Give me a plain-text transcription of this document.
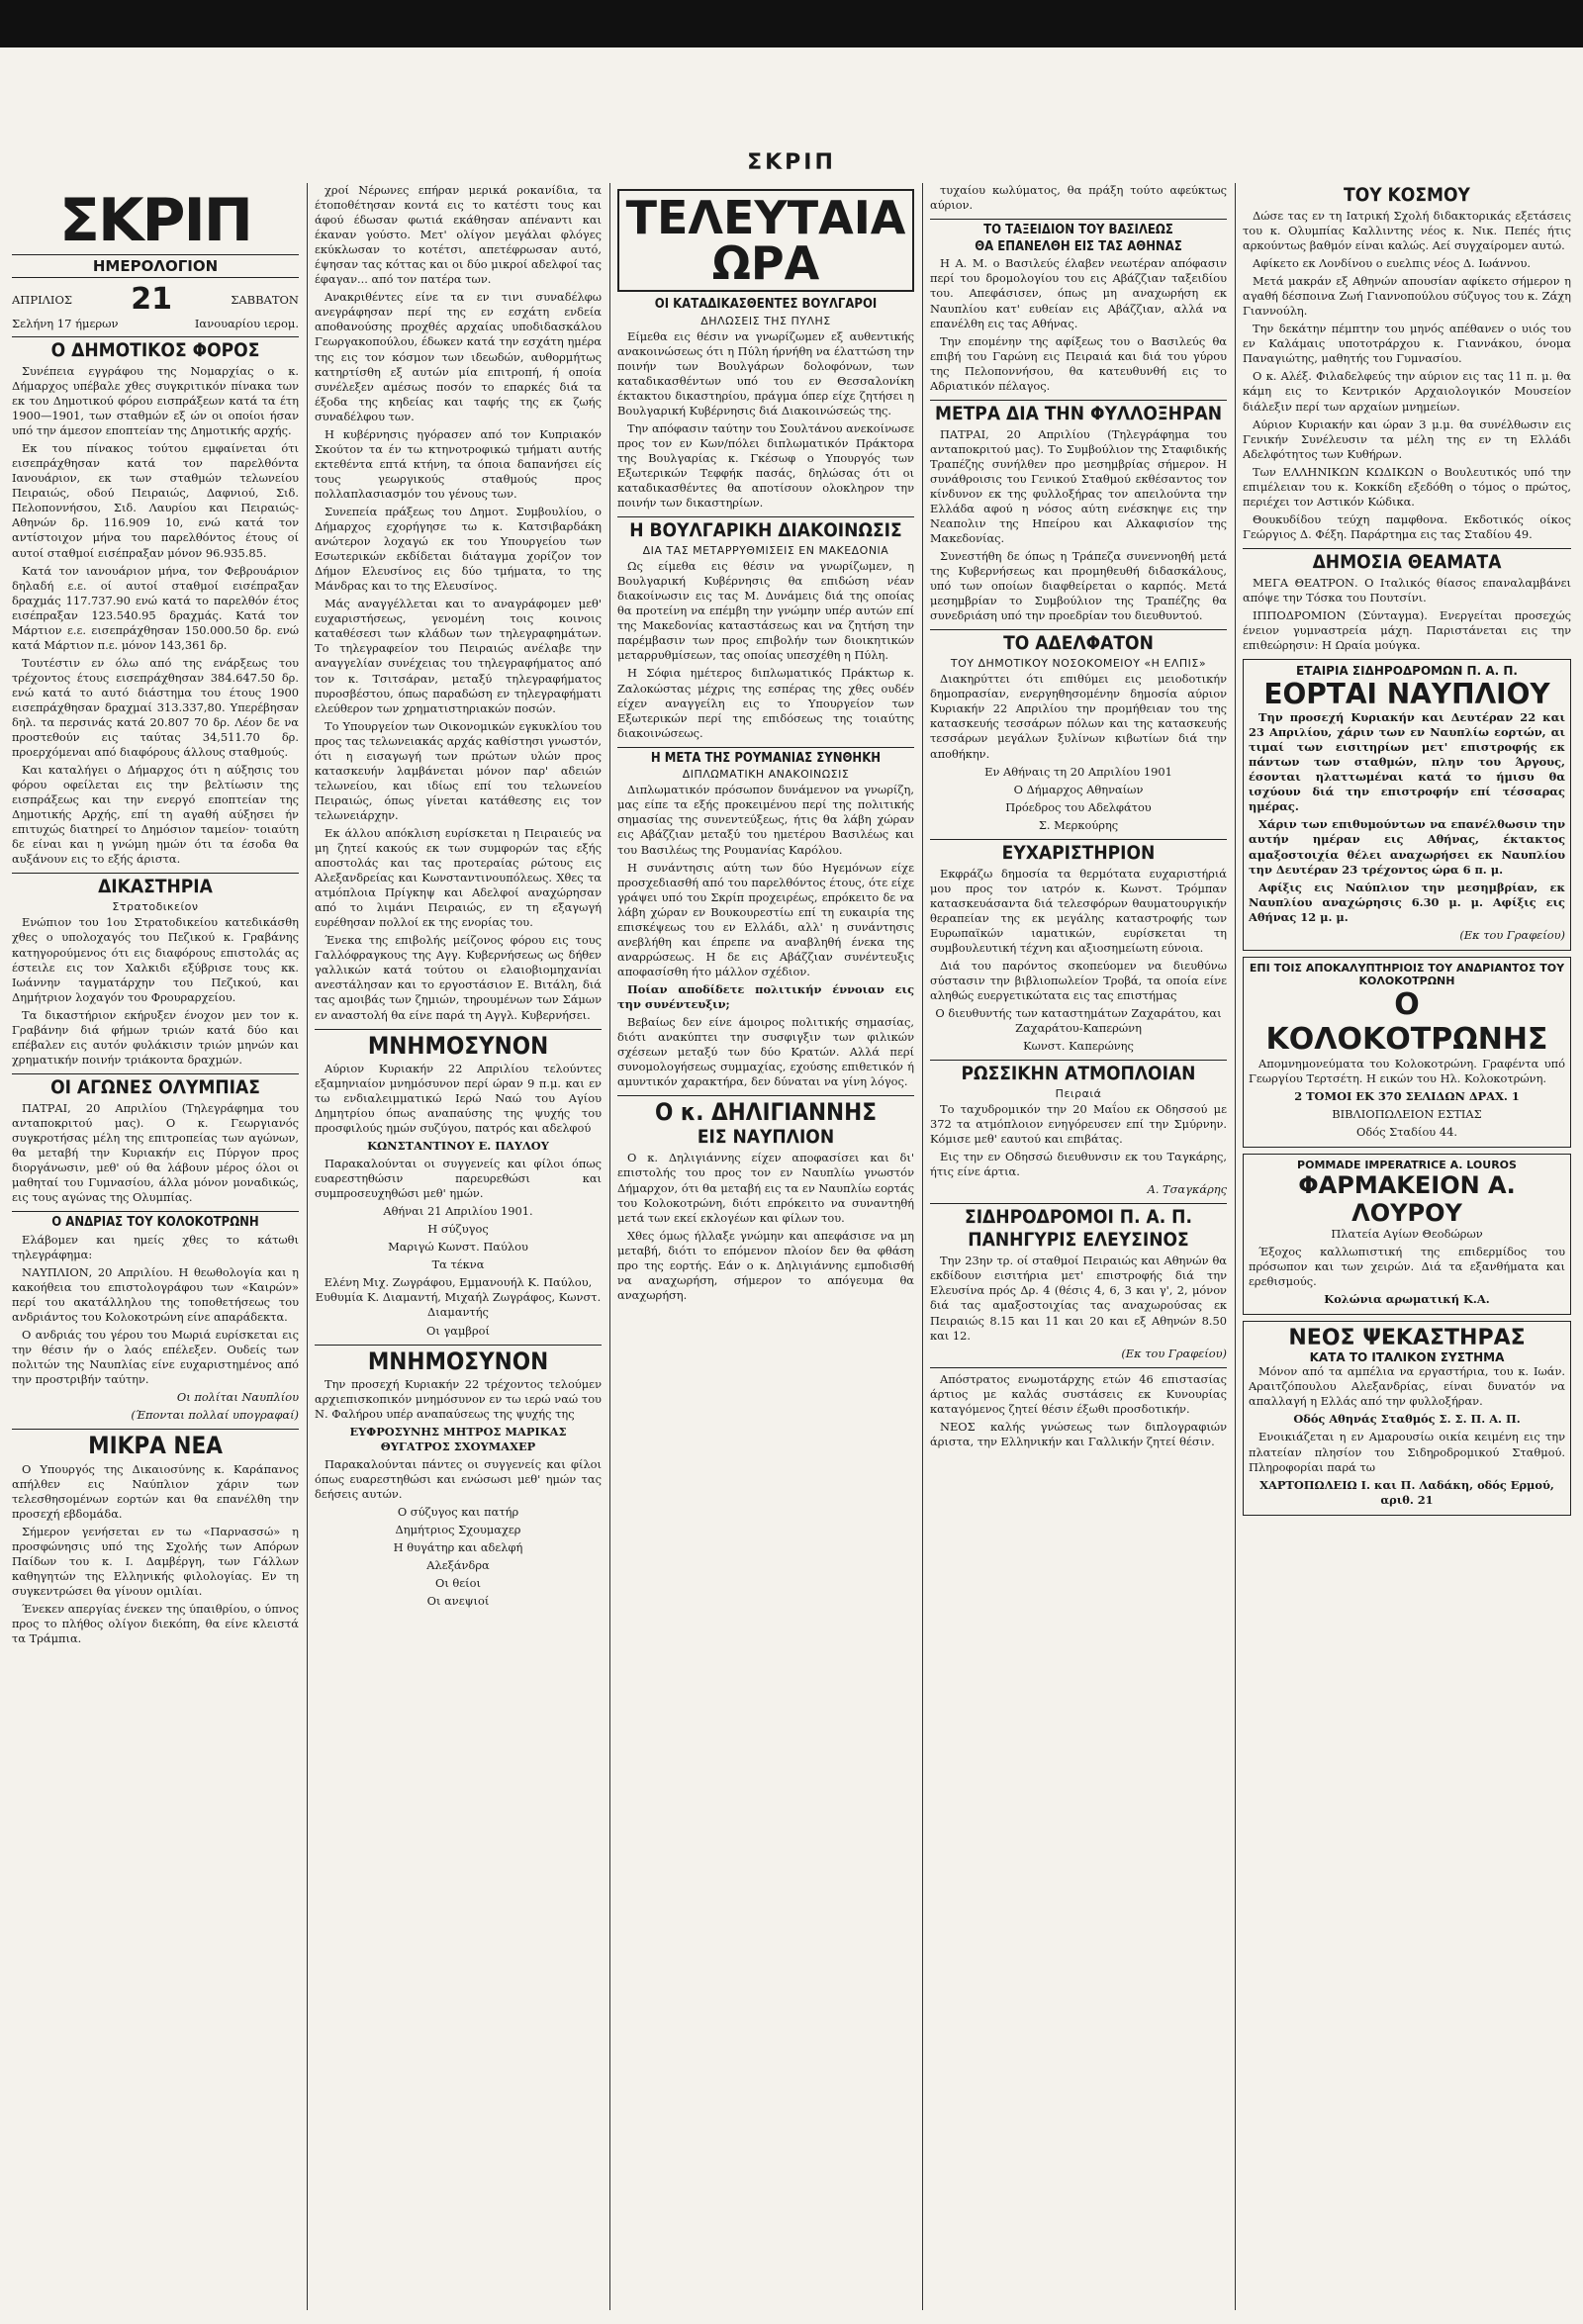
ΣΚΡΙΠ
ΣΚΡΙΠ
ΗΜΕΡΟΛΟΓΙΟΝ
ΑΠΡΙΛΙΟΣ 21	ΣΑΒΒΑΤΟΝ
Σελήνη 17 ήμερων	Ιανουαρίου ιερομ.
Ο ΔΗΜΟΤΙΚΟΣ ΦΟΡΟΣ

Συνέπεια εγγράφου της Νομαρχίας ο κ. Δήμαρχος υπέβαλε χθες συγκριτικόν πίνακα των εκ του Δημοτικού φόρου εισπράξεων κατά τα έτη 1900—1901, των σταθμών εξ ών οι οποίοι ήσαν υπό την άμεσον εποπτείαν της Δημοτικής αρχής.

Εκ του πίνακος τούτου εμφαίνεται ότι εισεπράχθησαν κατά τον παρελθόντα Ιανουάριον, εκ των σταθμών τελωνείου Πειραιώς, οδού Πειραιώς, Δαφνιού, Σιδ. Πελοποννήσου, Σιδ. Λαυρίου και Πειραιώς-Αθηνών δρ. 116.909 10, ενώ κατά τον αντίστοιχον μήνα του παρελθόντος έτους οί αυτοί σταθμοί εισέπραξαν μόνον 96.935.85.

Κατά τον ιανουάριον μήνα, τον Φεβρουάριον δηλαδή ε.ε. οί αυτοί σταθμοί εισέπραξαν δραχμάς 117.737.90 ενώ κατά το παρελθόν έτος εισέπραξαν 123.540.95 δραχμάς. Κατά τον Μάρτιον ε.ε. εισεπράχθησαν 150.000.50 δρ. ενώ κατά Μάρτιον π.ε. μόνον 143,361 δρ.

Τουτέστιν εν όλω από της ενάρξεως του τρέχοντος έτους εισεπράχθησαν 384.647.50 δρ. ενώ κατά το αυτό διάστημα του έτους 1900 εισεπράχθησαν δραχμαί 313.337,80. Υπερέβησαν δηλ. τα περσινάς κατά 20.807 70 δρ. Λέον δε να προστεθούν εις ταύτας 34,511.70 δρ. προερχόμεναι από διαφόρους άλλους σταθμούς.

Και καταλήγει ο Δήμαρχος ότι η αύξησις του φόρου οφείλεται εις την βελτίωσιν της εισπράξεως και την ενεργό εποπτείαν της Δημοτικής Αρχής, επί τη αγαθή αύξησει ήν επιτυχώς διατηρεί το Δημόσιον ταμείον· τοιαύτη δε είναι και η γνώμη ημών ότι τα έσοδα θα αυξάνουν εις το εξής άριστα.

ΔΙΚΑΣΤΗΡΙΑ
Στρατοδικείον

Ενώπιον του 1ου Στρατοδικείου κατεδικάσθη χθες ο υπολοχαγός του Πεζικού κ. Γραβάνης κατηγορούμενος ότι εις διαφόρους επιστολάς ας έστειλε εις τον Χαλκιδι εξύβρισε τους κκ. Ιωάννην ταγματάρχην του Πεζικού, και Δημήτριον λοχαγόν του Φρουραρχείου.

Τα δικαστήριον εκήρυξεν ένοχον μεν τον κ. Γραβάνην διά φήμων τριών κατά δύο και επέβαλεν εις αυτόν φυλάκισιν τριών μηνών και χρηματικήν ποινήν τριάκοντα δραχμών.

ΟΙ ΑΓΩΝΕΣ ΟΛΥΜΠΙΑΣ

ΠΑΤΡΑΙ, 20 Απριλίου (Τηλεγράφημα του ανταποκριτού μας). Ο κ. Γεωργιανός συγκροτήσας μέλη της επιτροπείας των αγώνων, θα μεταβή την Κυριακήν εις Πύργον προς διοργάνωσιν, μεθ' ού θα λάβουν μέρος όλοι οι μαθηταί του Γυμνασίου, άλλα μόνον μοναδικώς, εις τους αγώνας της Ολυμπίας.

Ο ΑΝΔΡΙΑΣ ΤΟΥ ΚΟΛΟΚΟΤΡΩΝΗ

Ελάβομεν και ημείς χθες το κάτωθι τηλεγράφημα:

ΝΑΥΠΛΙΟΝ, 20 Απριλίου. Η θεωθολογία και η κακοήθεια του επιστολογράφου των «Καιρών» περί του ακατάλληλου της τοποθετήσεως του ανδριάντος του Κολοκοτρώνη είνε απαράδεκτα.

Ο ανδριάς του γέρου του Μωριά ευρίσκεται εις την θέσιν ήν ο λαός επέλεξεν. Ουδείς των πολιτών της Ναυπλίας είνε ευχαριστημένος από την προστριβήν ταύτην.

Οι πολίται Ναυπλίου

(Έπονται πολλαί υπογραφαί)

ΜΙΚΡΑ ΝΕΑ

Ο Υπουργός της Δικαιοσύνης κ. Καράπανος απήλθεν εις Ναύπλιον χάριν των τελεσθησομένων εορτών και θα επανέλθη την προσεχή εβδομάδα.

Σήμερον γενήσεται εν τω «Παρνασσώ» η προσφώνησις υπό της Σχολής των Απόρων Παίδων του κ. Ι. Δαμβέργη, των Γάλλων καθηγητών της Ελληνικής φιλολογίας. Εν τη συγκεντρώσει θα γίνουν ομιλίαι.

Ένεκεν απεργίας ένεκεν της ύπαιθρίου, ο ύπνος προς το πλήθος ολίγον διεκόπη, θα είνε κλειστά τα Τράμπια.

χροί Νέρωνες επήραν μερικά ροκανίδια, τα έτοποθέτησαν κοντά εις το κατέστι τους και άφού έδωσαν φωτιά εκάθησαν απέναντι και έκαναν γούστο. Μετ' ολίγον μεγάλαι φλόγες εκύκλωσαν το κοτέτσι, απετέφρωσαν αυτό, έψησαν τας κόττας και οι δύο μικροί αδελφοί τας έφαγαν... από τον πατέρα των.

Ανακριθέντες είνε τα εν τινι συναδέλφω ανεγράφησαν περί της εν εσχάτη ενδεία αποθανούσης προχθές αρχαίας υποδιδασκάλου Γεωργακοπούλου, έδωκεν κατά την εσχάτη ημέρα της εις τον κόσμον των ιδεωδών, αυθορμήτως κατηρτίσθη εξ αυτών μία επιτροπή, ή οποία συνέλεξεν αμέσως ποσόν το επαρκές διά τα έξοδα της κηδείας και ταφής της εκ ζωής συναδέλφου των.

Η κυβέρνησις ηγόρασεν από τον Κυπριακόν Σκούτον τα έν τω κτηνοτροφικώ τμήματι αυτής εκτεθέντα επτά κτήνη, τα όποια δαπανήσει είς τους γεωργικούς σταθμούς προς πολλαπλασιασμόν του γένους των.

Συνεπεία πράξεως του Δημοτ. Συμβουλίου, ο Δήμαρχος εχορήγησε τω κ. Κατσιβαρδάκη ανώτερον λοχαγώ εκ του Υπουργείου των Εσωτερικών εκδίδεται διάταγμα χορίζον τον Δήμον Ελευσίνος εις δύο τμήματα, το της Μάνδρας και το της Ελευσίνος.

Μάς αναγγέλλεται και το αναγράφομεν μεθ' ευχαριστήσεως, γενομένη τοις κοινοις καταθέσεσι των κλάδων των τηλεγραφημάτων. Το τηλεγραφείον του Πειραιώς ανέλαβε την αναγγελίαν συνέχειας του τηλεγραφήματος από τον κ. Τσιτσάραν, μεταξύ τηλεγραφήματος πυροσβέστου, όπως παραδώση εν τηλεγραφήματι ελεύθερον των χρηματιστηριακών ποσών.

Το Υπουργείον των Οικονομικών εγκυκλίου του προς τας τελωνειακάς αρχάς καθίστησι γνωστόν, ότι η εισαγωγή των πρώτων υλών προς κατασκευήν λαμβάνεται μόνον παρ' αδειών τελωνείου, και ιδίως επί του τελωνείου Πειραιώς, όπως γίνεται κατάθεσης εις τον τελωνειάρχην.

Εκ άλλου απόκλιση ευρίσκεται η Πειραιεύς να μη ζητεί κακούς εκ των συμφορών τας εξής αποστολάς και τας προτεραίας ρώτους εις Αλεξανδρείας και Κωνσταντινουπόλεως. Χθες τα ατμόπλοια Πρίγκηψ και Αδελφοί αναχώρησαν από το λιμάνι Πειραιώς, εν τη εξαγωγή ευρέθησαν πολλοί εκ της ενορίας του.

Ένεκα της επιβολής μείζονος φόρου εις τους Γαλλόφραγκους της Αγγ. Κυβερνήσεως ως δήθεν γαλλικών κατά τούτου οι ελαιοβιομηχανίαι ανεστάλησαν και το εργοστάσιον Ε. Βιτάλη, διά τας αμοιβάς των ζημιών, τηρουμένων των Σάμων εν αναστολή θα είνε παρά τη Αγγλ. Κυβερνήσει.

ΜΝΗΜΟΣΥΝΟΝ

Αύριον Κυριακήν 22 Απριλίου τελούντες εξαμηνιαίον μνημόσυνον περί ώραν 9 π.μ. και εν τω ενδιαλειμματικώ Ιερώ Ναώ του Αγίου Δημητρίου όπως αναπαύσης της ψυχής του προσφιλούς ημών συζύγου, πατρός και αδελφού

ΚΩΝΣΤΑΝΤΙΝΟΥ Ε. ΠΑΥΛΟΥ

Παρακαλούνται οι συγγενείς και φίλοι όπως ευαρεστηθώσιν παρευρεθώσι και συμπροσευχηθώσι μεθ' ημών.

Αθήναι 21 Απριλίου 1901.

Η σύζυγος

Μαριγώ Κωνστ. Παύλου

Τα τέκνα

Ελένη Μιχ. Ζωγράφου, Εμμανουήλ Κ. Παύλου, Ευθυμία Κ. Διαμαντή, Μιχαήλ Ζωγράφος, Κωνστ. Διαμαντής

Οι γαμβροί

ΜΝΗΜΟΣΥΝΟΝ

Την προσεχή Κυριακήν 22 τρέχοντος τελούμεν αρχιεπισκοπικόν μνημόσυνον εν τω ιερώ ναώ του Ν. Φαλήρου υπέρ αναπαύσεως της ψυχής της

ΕΥΦΡΟΣΥΝΗΣ ΜΗΤΡΟΣ ΜΑΡΙΚΑΣ ΘΥΓΑΤΡΟΣ ΣΧΟΥΜΑΧΕΡ

Παρακαλούνται πάντες οι συγγενείς και φίλοι όπως ευαρεστηθώσι και ενώσωσι μεθ' ημών τας δεήσεις αυτών.

Ο σύζυγος και πατήρ

Δημήτριος Σχουμαχερ

Η θυγάτηρ και αδελφή

Αλεξάνδρα

Οι θείοι

Οι ανεψιοί

ΤΕΛΕΥΤΑΙΑ ΩΡΑ
ΟΙ ΚΑΤΑΔΙΚΑΣΘΕΝΤΕΣ ΒΟΥΛΓΑΡΟΙ
ΔΗΛΩΣΕΙΣ ΤΗΣ ΠΥΛΗΣ

Είμεθα εις θέσιν να γνωρίζωμεν εξ αυθεντικής ανακοινώσεως ότι η Πύλη ήρνήθη να έλαττώση την ποινήν των Βουλγάρων δολοφόνων, των καταδικασθέντων υπό του εν Θεσσαλονίκη έκτακτου δικαστηρίου, πράγμα όπερ είχε ζητήσει η Βουλγαρική Κυβέρνησις διά Διακοινώσεώς της.

Την απόφασιν ταύτην του Σουλτάνου ανεκοίνωσε προς τον εν Κων/πόλει διπλωματικόν Πράκτορα της Βουλγαρίας κ. Γκέσωφ ο Υπουργός των Εξωτερικών Τεφφήκ πασάς, δηλώσας ότι οι καταδικασθέντες θα αποτίσουν ολοκληρον την ποινήν των δικαστηρίων.

Η ΒΟΥΛΓΑΡΙΚΗ ΔΙΑΚΟΙΝΩΣΙΣ
ΔΙΑ ΤΑΣ ΜΕΤΑΡΡΥΘΜΙΣΕΙΣ ΕΝ ΜΑΚΕΔΟΝΙΑ

Ως είμεθα εις θέσιν να γνωρίζωμεν, η Βουλγαρική Κυβέρνησις θα επιδώση νέαν διακοίνωσιν εις τας Μ. Δυνάμεις διά της οποίας θα προτείνη να επέμβη την γνώμην υπέρ αυτών επί της Μακεδονίας καταστάσεως και να ζητήση την παρέμβασιν των προς επιβολήν των διοικητικών μεταρρυθμίσεων, τας οποίας υπεσχέθη η Πύλη.

Η Σόφια ημέτερος διπλωματικός Πράκτωρ κ. Ζαλοκώστας μέχρις της εσπέρας της χθες ουδέν είχεν αναγγείλη εις το Υπουργείον των Εξωτερικών περί της επιδόσεως της τοιαύτης διακοινώσεως.

Η ΜΕΤΑ ΤΗΣ ΡΟΥΜΑΝΙΑΣ ΣΥΝΘΗΚΗ
ΔΙΠΛΩΜΑΤΙΚΗ ΑΝΑΚΟΙΝΩΣΙΣ

Διπλωματικόν πρόσωπον δυνάμενον να γνωρίζη, μας είπε τα εξής προκειμένου περί της πολιτικής σημασίας της συνεντεύξεως, ήτις θα λάβη χώραν εις Αβάζζιαν μεταξύ του ημετέρου Βασιλέως και του Βασιλέως της Ρουμανίας Καρόλου.

Η συνάντησις αύτη των δύο Ηγεμόνων είχε προσχεδιασθή από του παρελθόντος έτους, ότε είχε γράψει υπό του Σκρίπ προχειρέως, επρόκειτο δε να λάβη χώραν εν Βουκουρεστίω επί τη ευκαιρία της επισκέψεως του εν Ελλάδι, αλλ' η συνάντησις ανεβλήθη και έπρεπε να αναβληθή ένεκα της αναρρώσεως. Η δε εις Αβάζζιαν συνέντευξις αποφασίσθη ήτο μάλλον σχέδιον.

Ποίαν αποδίδετε πολιτικήν έννοιαν εις την συνέντευξιν;

Βεβαίως δεν είνε άμοιρος πολιτικής σημασίας, διότι ανακύπτει την συσφιγξιν των φιλικών σχέσεων μεταξύ των δύο Κρατών. Αλλά περί συνομολογήσεως συμμαχίας, εχούσης επιθετικόν ή αμυντικόν χαρακτήρα, δεν δύναται να γίνη λόγος.

Ο κ. ΔΗΛΙΓΙΑΝΝΗΣ
ΕΙΣ ΝΑΥΠΛΙΟΝ

Ο κ. Δηλιγιάννης είχεν αποφασίσει και δι' επιστολής του προς τον εν Ναυπλίω γνωστόν Δήμαρχον, ότι θα μεταβή εις τα εν Ναυπλίω εορτάς του Κολοκοτρώνη, διότι επρόκειτο να συναντηθή μετά των εκεί εκλογέων και φίλων του.

Χθες όμως ήλλαξε γνώμην και απεφάσισε να μη μεταβή, διότι το επόμενον πλοίον δεν θα φθάση προ της εορτής. Εάν ο κ. Δηλιγιάννης εμποδισθή να αναχωρήση, σήμερον το απόγευμα θα αναχωρήση.

τυχαίου κωλύματος, θα πράξη τούτο αφεύκτως αύριον.

ΤΟ ΤΑΞΕΙΔΙΟΝ ΤΟΥ ΒΑΣΙΛΕΩΣ
ΘΑ ΕΠΑΝΕΛΘΗ ΕΙΣ ΤΑΣ ΑΘΗΝΑΣ

Η Α. Μ. ο Βασιλεύς έλαβεν νεωτέραν απόφασιν περί του δρομολογίου του εις Αβάζζιαν ταξειδίου του. Απεφάσισεν, όπως μη αναχωρήση εκ Ναυπλίου κατ' ευθείαν εις Αβάζζιαν, αλλά να επανέλθη εις τας Αθήνας.

Την επομένην της αφίξεως του ο Βασιλεύς θα επιβή του Γαρώνη εις Πειραιά και διά του γύρου της Πελοποννήσου, θα κατευθυνθή εις το Αδριατικόν πέλαγος.

ΜΕΤΡΑ ΔΙΑ ΤΗΝ ΦΥΛΛΟΞΗΡΑΝ

ΠΑΤΡΑΙ, 20 Απριλίου (Τηλεγράφημα του ανταποκριτού μας). Το Συμβούλιον της Σταφιδικής Τραπέζης συνήλθεν προ μεσημβρίας σήμερον. Η συνάθροισις του Γενικού Σταθμού εκθέσαντος τον κίνδυνον εκ της φυλλοξήρας τον απειλούντα την Ελλάδα αφού η νόσος αύτη ενέσκηψε εις την Νεαπολιν της Ηπείρου και Αλκαφισίον της Μακεδονίας.

Συνεστήθη δε όπως η Τράπεζα συνεννοηθή μετά της Κυβερνήσεως και προμηθευθή διδασκάλους, υπό των οποίων διαφθείρεται ο καρπός. Μετά μεσημβρίαν το Συμβούλιον της Τραπέζης θα συνεδριάση υπό την προεδρίαν του διευθυντού.

ΤΟ ΑΔΕΛΦΑΤΟΝ
ΤΟΥ ΔΗΜΟΤΙΚΟΥ ΝΟΣΟΚΟΜΕΙΟΥ «Η ΕΛΠΙΣ»

Διακηρύττει ότι επιθύμει εις μειοδοτικήν δημοπρασίαν, ενεργηθησομένην δημοσία αύριον Κυριακήν 22 Απριλίου την προμήθειαν του της κατασκευής τεσσάρων πόλων και της κατασκευής τεσσάρων μεγάλων ξυλίνων κιβωτίων διά την αποθήκην.

Εν Αθήναις τη 20 Απριλίου 1901

Ο Δήμαρχος Αθηναίων

Πρόεδρος του Αδελφάτου

Σ. Μερκούρης

ΕΥΧΑΡΙΣΤΗΡΙΟΝ

Εκφράζω δημοσία τα θερμότατα ευχαριστήριά μου προς τον ιατρόν κ. Κωνστ. Τρόμπαν κατασκευάσαντα διά τελεσφόρων θαυματουργικήν θεραπείαν της εκ μεγάλης καταστροφής των Ευρωπαϊκών ιαματικών, ευρίσκεται τη συμβουλευτική τέχνη και αξιοσημείωτη εύνοια.

Διά του παρόντος σκοπεύομεν να διευθύνω σύστασιν την βιβλιοπωλείον Τροβά, τα οποία είνε αληθώς ευεργετικώτατα εις τας επιστήμας

Ο διευθυντής των καταστημάτων Ζαχαράτου, και Ζαχαράτου-Καπερώνη

Κωνστ. Καπερώνης

ΡΩΣΣΙΚΗΝ ΑΤΜΟΠΛΟΙΑΝ
Πειραιά

Το ταχυδρομικόν την 20 Μαΐου εκ Οδησσού με 372 τα ατμόπλοιον ενηγόρευσεν επί την Σμύρνην. Κόμισε μεθ' εαυτού και επιβάτας.

Εις την εν Οδησσώ διευθυνσιν εκ του Ταγκάρης, ήτις είνε άρτια.

Α. Τσαγκάρης

ΣΙΔΗΡΟΔΡΟΜΟΙ Π. Α. Π.
ΠΑΝΗΓΥΡΙΣ ΕΛΕΥΣΙΝΟΣ

Την 23ην τρ. οί σταθμοί Πειραιώς και Αθηνών θα εκδίδουν εισιτήρια μετ' επιστροφής διά την Ελευσίνα πρός Δρ. 4 (θέσις 4, 6, 3 και γ', 2, μόνον διά τας αμαξοστοιχίας τας αναχωρούσας εκ Πειραιώς 8.15 και 11 και 20 και εξ Αθηνών 8.50 και 12.

(Εκ του Γραφείου)

Απόστρατος ενωμοτάρχης ετών 46 επιστασίας άρτιος με καλάς συστάσεις εκ Κυνουρίας καταγόμενος ζητεί θέσιν έξωθι προσδοτικήν.

ΝΕΟΣ καλής γνώσεως των διπλογραφιών άριστα, την Ελληνικήν και Γαλλικήν ζητεί θέσιν.

ΤΟΥ ΚΟΣΜΟΥ

Δώσε τας εν τη Ιατρική Σχολή διδακτορικάς εξετάσεις του κ. Ολυμπίας Καλλιντης νέος κ. Νικ. Πεπές ήτις αρκούντως βαθμόν είναι καλώς. Αεί συγχαίρομεν αυτώ.

Αφίκετο εκ Λονδίνου ο ευελπις νέος Δ. Ιωάννου.

Μετά μακράν εξ Αθηνών απουσίαν αφίκετο σήμερον η αγαθή δέσποινα Ζωή Γιαννοπούλου σύζυγος του κ. Ζάχη Γιαννούλη.

Την δεκάτην πέμπτην του μηνός απέθανεν ο υιός του εν Καλάμαις υποτοτράρχου κ. Γιαννάκου, όνομα Παναγιώτης, μαθητής του Γυμνασίου.

Ο κ. Αλέξ. Φιλαδελφεύς την αύριον εις τας 11 π. μ. θα κάμη εις το Κεντρικόν Αρχαιολογικόν Μουσείον διάλεξιν περί των αρχαίων μνημείων.

Αύριον Κυριακήν και ώραν 3 μ.μ. θα συνέλθωσιν εις Γενικήν Συνέλευσιν τα μέλη της εν τη Ελλάδι Αδελφότητος των Κυθήρων.

Των ΕΛΛΗΝΙΚΩΝ ΚΩΔΙΚΩΝ ο Βουλευτικός υπό την επιμέλειαν του κ. Κοκκίδη εξεδόθη ο τόμος ο πρώτος, περιέχει τον Αστικόν Κώδικα.

Θουκυδίδου τεύχη παμφθονα. Εκδοτικός οίκος Γεώργιος Δ. Φέξη. Παράρτημα εις τας Σταδίου 49.

ΔΗΜΟΣΙΑ ΘΕΑΜΑΤΑ

ΜΕΓΑ ΘΕΑΤΡΟΝ. Ο Ιταλικός θίασος επαναλαμβάνει απόψε την Τόσκα του Πουτσίνι.

ΙΠΠΟΔΡΟΜΙΟΝ (Σύνταγμα). Ενεργείται προσεχώς ένειον γυμναστρεία μάχη. Παριστάνεται εις την επιθεώρησιν: Η Ωραία μούγκα.

ΕΤΑΙΡΙΑ ΣΙΔΗΡΟΔΡΟΜΩΝ Π. Α. Π.
ΕΟΡΤΑΙ ΝΑΥΠΛΙΟΥ

Την προσεχή Κυριακήν και Δευτέραν 22 και 23 Απριλίου, χάριν των εν Ναυπλίω εορτών, αι τιμαί των εισιτηρίων μετ' επιστροφής εκ πάντων των σταθμών, πλην του Άργους, έσονται ηλαττωμέναι κατά το ήμισυ θα ισχύουν διά την επιστροφήν επί τέσσαρας ημέρας.

Χάριν των επιθυμούντων να επανέλθωσιν την αυτήν ημέραν εις Αθήνας, έκτακτος αμαξοστοιχία θέλει αναχωρήσει εκ Ναυπλίου την Δευτέραν 23 τρέχοντος ώρα 6 π. μ.

Αφίξις εις Ναύπλιον την μεσημβρίαν, εκ Ναυπλίου αναχώρησις 6.30 μ. μ. Αφίξις εις Αθήνας 12 μ. μ.

(Εκ του Γραφείου)

ΕΠΙ ΤΟΙΣ ΑΠΟΚΑΛΥΠΤΗΡΙΟΙΣ ΤΟΥ ΑΝΔΡΙΑΝΤΟΣ ΤΟΥ ΚΟΛΟΚΟΤΡΩΝΗ
Ο ΚΟΛΟΚΟΤΡΩΝΗΣ

Απομνημονεύματα του Κολοκοτρώνη. Γραφέντα υπό Γεωργίου Τερτσέτη. Η εικών του Ηλ. Κολοκοτρώνη.

2 ΤΟΜΟΙ ΕΚ 370 ΣΕΛΙΔΩΝ ΔΡΑΧ. 1

ΒΙΒΛΙΟΠΩΛΕΙΟΝ ΕΣΤΙΑΣ

Οδός Σταδίου 44.

POMMADE IMPERATRICE A. LOUROS
ΦΑΡΜΑΚΕΙΟΝ Α. ΛΟΥΡΟΥ

Πλατεία Αγίων Θεοδώρων

Έξοχος καλλωπιστική της επιδερμίδος του πρόσωπον και των χειρών. Διά τα εξανθήματα και ερεθισμούς.

Κολώνια αρωματική Κ.Α.

ΝΕΟΣ ΨΕΚΑΣΤΗΡΑΣ
ΚΑΤΑ ΤΟ ΙΤΑΛΙΚΟΝ ΣΥΣΤΗΜΑ

Μόνον από τα αμπέλια να εργαστήρια, του κ. Ιωάν. Αραιτζόπουλου Αλεξανδρίας, είναι δυνατόν να απαλλαγή η Ελλάς από την φυλλοξήραν.

Οδός Αθηνάς Σταθμός Σ. Σ. Π. Α. Π.

Ενοικιάζεται η εν Αμαρουσίω οικία κειμένη εις την πλατείαν πλησίον του Σιδηροδρομικού Σταθμού. Πληροφορίαι παρά τω

ΧΑΡΤΟΠΩΛΕΙΩ Ι. και Π. Λαδάκη, οδός Ερμού, αριθ. 21
